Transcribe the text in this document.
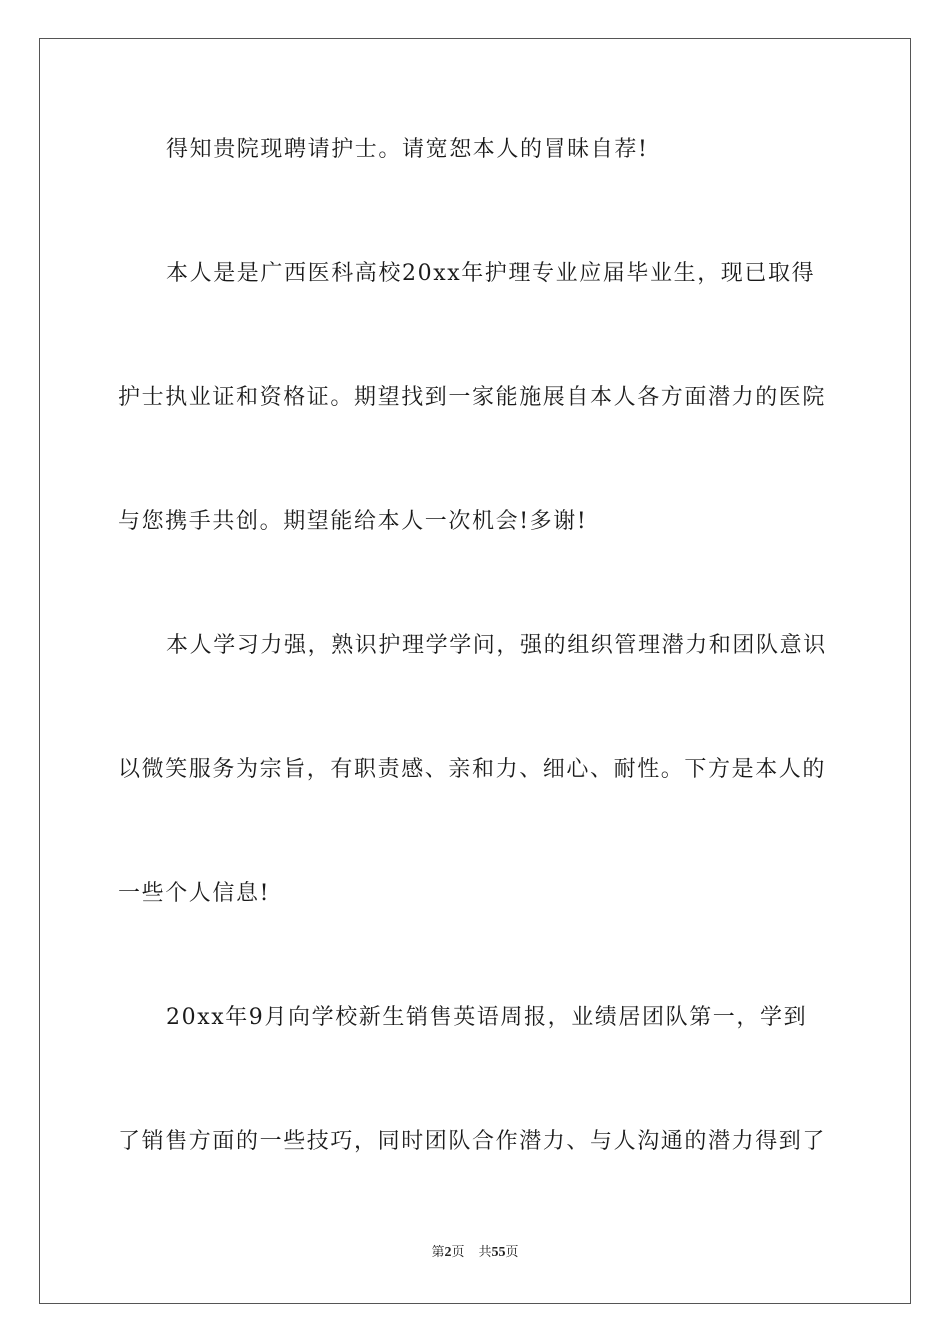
得知贵院现聘请护士。请宽恕本人的冒昧自荐!
本人是是广西医科高校20xx年护理专业应届毕业生，现已取得
护士执业证和资格证。期望找到一家能施展自本人各方面潜力的医院
与您携手共创。期望能给本人一次机会!多谢!
本人学习力强，熟识护理学学问，强的组织管理潜力和团队意识
以微笑服务为宗旨，有职责感、亲和力、细心、耐性。下方是本人的
一些个人信息!
20xx年9月向学校新生销售英语周报，业绩居团队第一，学到
了销售方面的一些技巧，同时团队合作潜力、与人沟通的潜力得到了
第2页 共55页
